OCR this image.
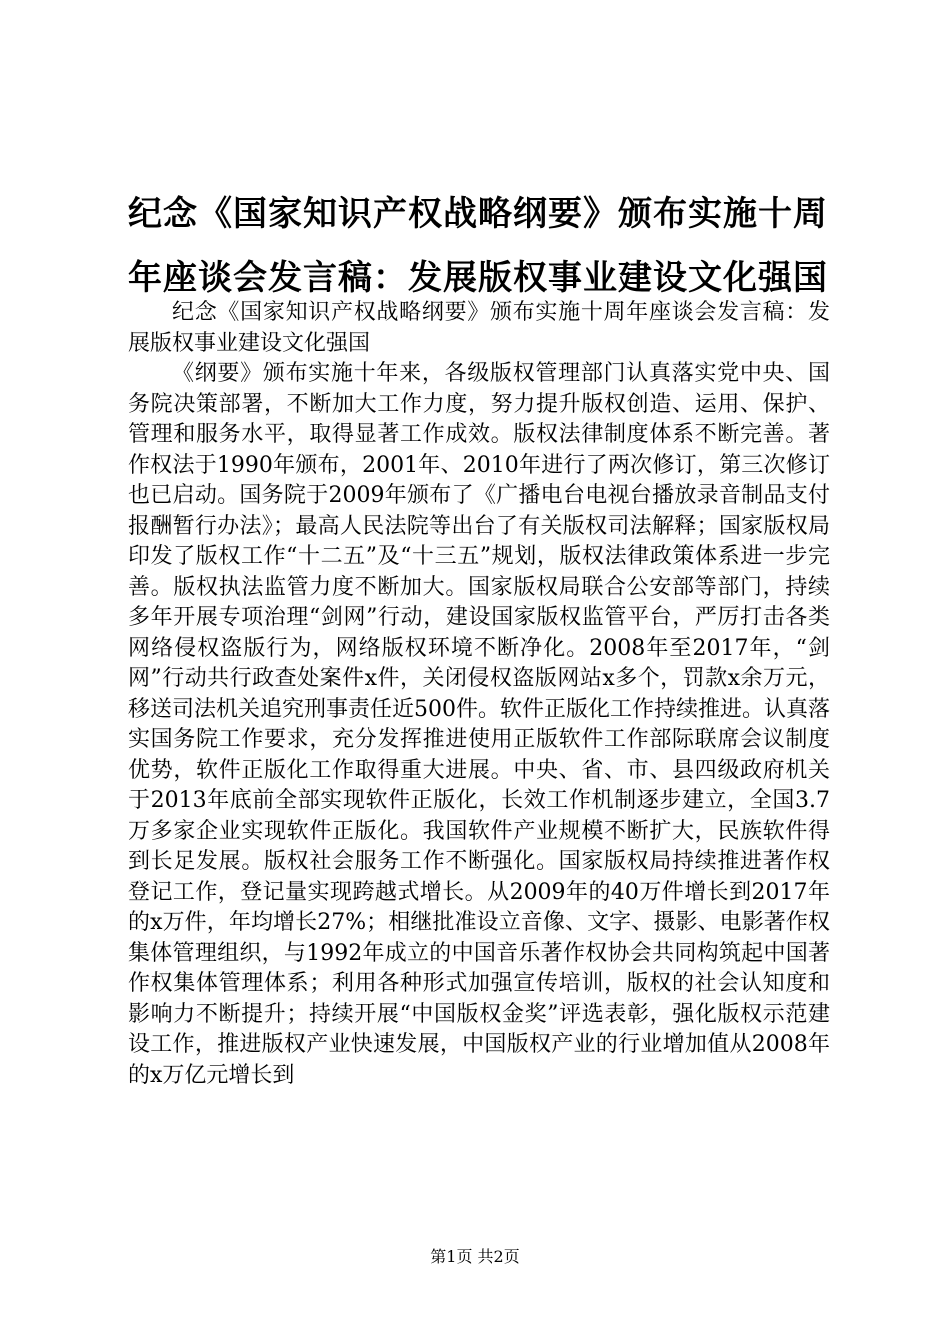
纪念《国家知识产权战略纲要》颁布实施十周年座谈会发言稿：发展版权事业建设文化强国

纪念《国家知识产权战略纲要》颁布实施十周年座谈会发言稿：发展版权事业建设文化强国

《纲要》颁布实施十年来，各级版权管理部门认真落实党中央、国务院决策部署，不断加大工作力度，努力提升版权创造、运用、保护、管理和服务水平，取得显著工作成效。版权法律制度体系不断完善。著作权法于1990年颁布，2001年、2010年进行了两次修订，第三次修订也已启动。国务院于2009年颁布了《广播电台电视台播放录音制品支付报酬暂行办法》；最高人民法院等出台了有关版权司法解释；国家版权局印发了版权工作“十二五”及“十三五”规划，版权法律政策体系进一步完善。版权执法监管力度不断加大。国家版权局联合公安部等部门，持续多年开展专项治理“剑网”行动，建设国家版权监管平台，严厉打击各类网络侵权盗版行为，网络版权环境不断净化。2008年至2017年，“剑网”行动共行政查处案件x件，关闭侵权盗版网站x多个，罚款x余万元，移送司法机关追究刑事责任近500件。软件正版化工作持续推进。认真落实国务院工作要求，充分发挥推进使用正版软件工作部际联席会议制度优势，软件正版化工作取得重大进展。中央、省、市、县四级政府机关于2013年底前全部实现软件正版化，长效工作机制逐步建立，全国3.7万多家企业实现软件正版化。我国软件产业规模不断扩大，民族软件得到长足发展。版权社会服务工作不断强化。国家版权局持续推进著作权登记工作，登记量实现跨越式增长。从2009年的40万件增长到2017年的x万件，年均增长27%；相继批准设立音像、文字、摄影、电影著作权集体管理组织，与1992年成立的中国音乐著作权协会共同构筑起中国著作权集体管理体系；利用各种形式加强宣传培训，版权的社会认知度和影响力不断提升；持续开展“中国版权金奖”评选表彰，强化版权示范建设工作，推进版权产业快速发展，中国版权产业的行业增加值从2008年的x万亿元增长到

第1页 共2页
